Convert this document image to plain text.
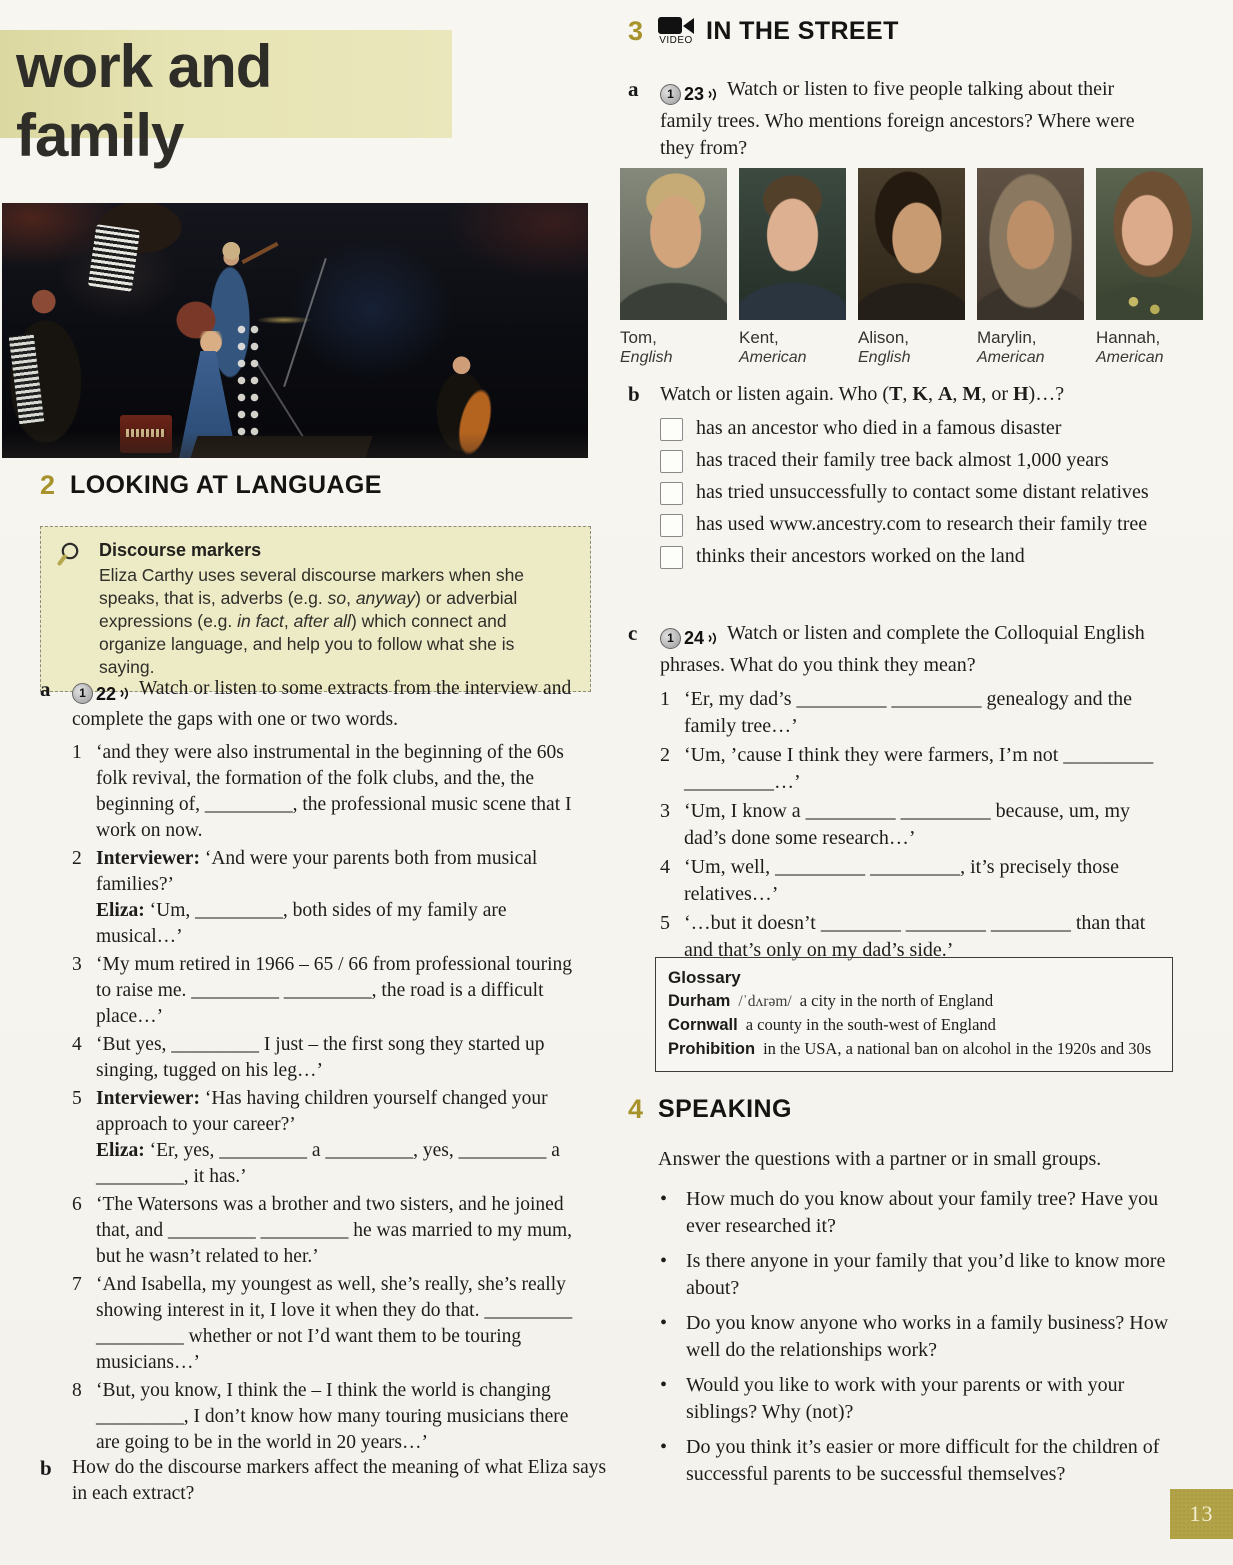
work and family
2 LOOKING AT LANGUAGE
Discourse markers
Eliza Carthy uses several discourse markers when she speaks, that is, adverbs (e.g. so, anyway) or adverbial expressions (e.g. in fact, after all) which connect and organize language, and help you to follow what she is saying.
a	1 22 Watch or listen to some extracts from the interview and complete the gaps with one or two words.

1 ‘and they were also instrumental in the beginning of the 60s folk revival, the formation of the folk clubs, and the, the beginning of, _________, the professional music scene that I work on now.
2 Interviewer: ‘And were your parents both from musical families?’
Eliza: ‘Um, _________, both sides of my family are musical…’
3 ‘My mum retired in 1966 – 65 / 66 from professional touring to raise me. _________ _________, the road is a difficult place…’
4 ‘But yes, _________ I just – the first song they started up singing, tugged on his leg…’
5 Interviewer: ‘Has having children yourself changed your approach to your career?’
Eliza: ‘Er, yes, _________ a _________, yes, _________ a _________, it has.’
6 ‘The Watersons was a brother and two sisters, and he joined that, and _________ _________ he was married to my mum, but he wasn’t related to her.’
7 ‘And Isabella, my youngest as well, she’s really, she’s really showing interest in it, I love it when they do that. _________ _________ whether or not I’d want them to be touring musicians…’
8 ‘But, you know, I think the – I think the world is changing _________, I don’t know how many touring musicians there are going to be in the world in 20 years…’
b	How do the discourse markers affect the meaning of what Eliza says in each extract?

3 VIDEO IN THE STREET
a	1 23 Watch or listen to five people talking about their family trees. Who mentions foreign ancestors? Where were they from?

Tom,
English
Kent,
American
Alison,
English
Marylin,
American
Hannah,
American
b	Watch or listen again. Who (T, K, A, M, or H)…?

has an ancestor who died in a famous disaster
has traced their family tree back almost 1,000 years
has tried unsuccessfully to contact some distant relatives
has used www.ancestry.com to research their family tree
thinks their ancestors worked on the land
c	1 24 Watch or listen and complete the Colloquial English phrases. What do you think they mean?

1 ‘Er, my dad’s _________ _________ genealogy and the family tree…’
2 ‘Um, ’cause I think they were farmers, I’m not _________ _________…’
3 ‘Um, I know a _________ _________ because, um, my dad’s done some research…’
4 ‘Um, well, _________ _________, it’s precisely those relatives…’
5 ‘…but it doesn’t ________ ________ ________ than that and that’s only on my dad’s side.’
Glossary
Durham /ˈdʌrəm/ a city in the north of England
Cornwall a county in the south-west of England
Prohibition in the USA, a national ban on alcohol in the 1920s and 30s
4 SPEAKING
Answer the questions with a partner or in small groups.
• How much do you know about your family tree? Have you ever researched it?
• Is there anyone in your family that you’d like to know more about?
• Do you know anyone who works in a family business? How well do the relationships work?
• Would you like to work with your parents or with your siblings? Why (not)?
• Do you think it’s easier or more difficult for the children of successful parents to be successful themselves?
13
